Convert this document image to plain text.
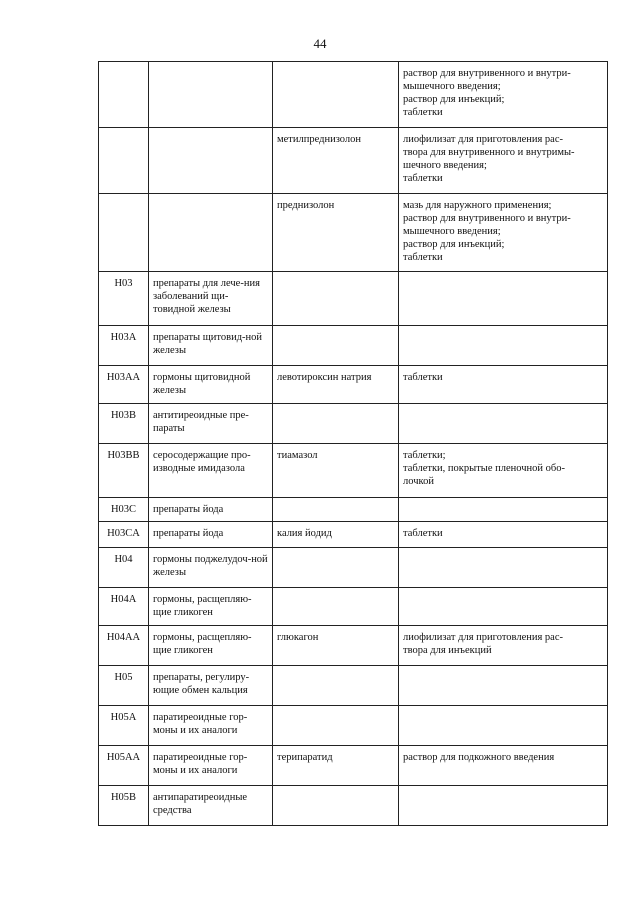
44

			раствор для внутривенного и внутри-
мышечного введения;
раствор для инъекций;
таблетки

		метилпреднизолон	лиофилизат для приготовления рас-
твора для внутривенного и внутримы-
шечного введения;
таблетки

		преднизолон	мазь для наружного применения;
раствор для внутривенного и внутри-
мышечного введения;
раствор для инъекций;
таблетки

H03	препараты для лече-ния заболеваний щи-товидной железы		
H03A	препараты щитовид-ной железы		
H03AA	гормоны щитовидной железы	левотироксин натрия	таблетки

H03B	антитиреоидные пре-параты		
H03BB	серосодержащие про-изводные имидазола	тиамазол	таблетки;
таблетки, покрытые пленочной обо-
лочкой

H03C	препараты йода		
H03CA	препараты йода	калия йодид	таблетки

H04	гормоны поджелудоч-ной железы		
H04A	гормоны, расщепляю-щие гликоген		
H04AA	гормоны, расщепляю-щие гликоген	глюкагон	лиофилизат для приготовления рас-
твора для инъекций

H05	препараты, регулиру-ющие обмен кальция		
H05A	паратиреоидные гор-моны и их аналоги		
H05AA	паратиреоидные гор-моны и их аналоги	терипаратид	раствор для подкожного введения

H05B	антипаратиреоидные средства		
